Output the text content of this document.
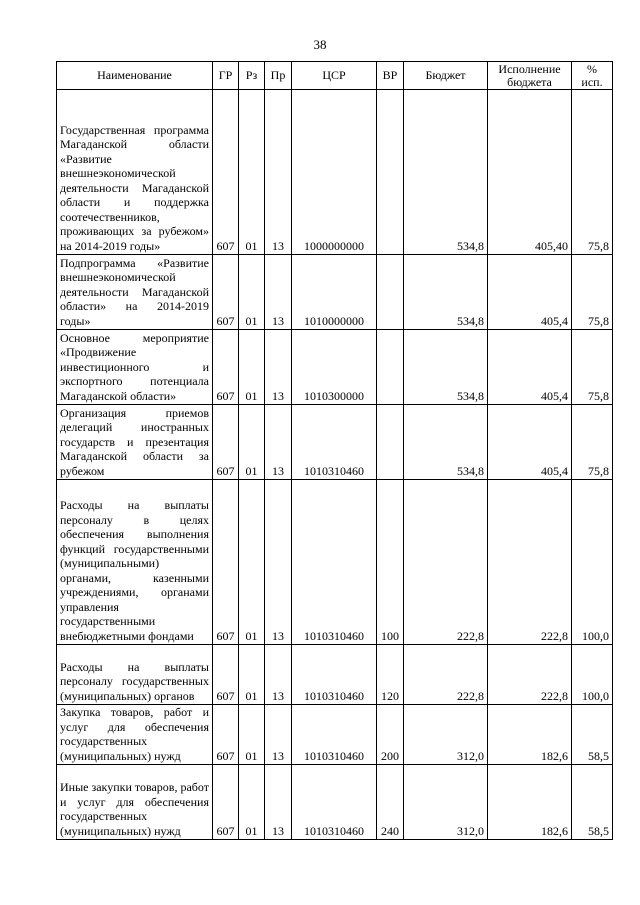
38
Наименование	ГР	Рз	Пр	ЦСР	ВР	Бюджет	Исполнение бюджета	% исп.
Государственная программа Магаданской области «Развитие внешнеэкономической деятельности Магаданской области и поддержка соотечественников, проживающих за рубежом» на 2014-2019 годы»	607	01	13	1000000000		534,8	405,40	75,8
Подпрограмма «Развитие внешнеэкономической деятельности Магаданской области» на 2014-2019 годы»	607	01	13	1010000000		534,8	405,4	75,8
Основное мероприятие «Продвижение инвестиционного и экспортного потенциала Магаданской области»	607	01	13	1010300000		534,8	405,4	75,8
Организация приемов делегаций иностранных государств и презентация Магаданской области за рубежом	607	01	13	1010310460		534,8	405,4	75,8
Расходы на выплаты персоналу в целях обеспечения выполнения функций государственными (муниципальными) органами, казенными учреждениями, органами управления государственными внебюджетными фондами	607	01	13	1010310460	100	222,8	222,8	100,0
Расходы на выплаты персоналу государственных (муниципальных) органов	607	01	13	1010310460	120	222,8	222,8	100,0
Закупка товаров, работ и услуг для обеспечения государственных (муниципальных) нужд	607	01	13	1010310460	200	312,0	182,6	58,5
Иные закупки товаров, работ и услуг для обеспечения государственных (муниципальных) нужд	607	01	13	1010310460	240	312,0	182,6	58,5
